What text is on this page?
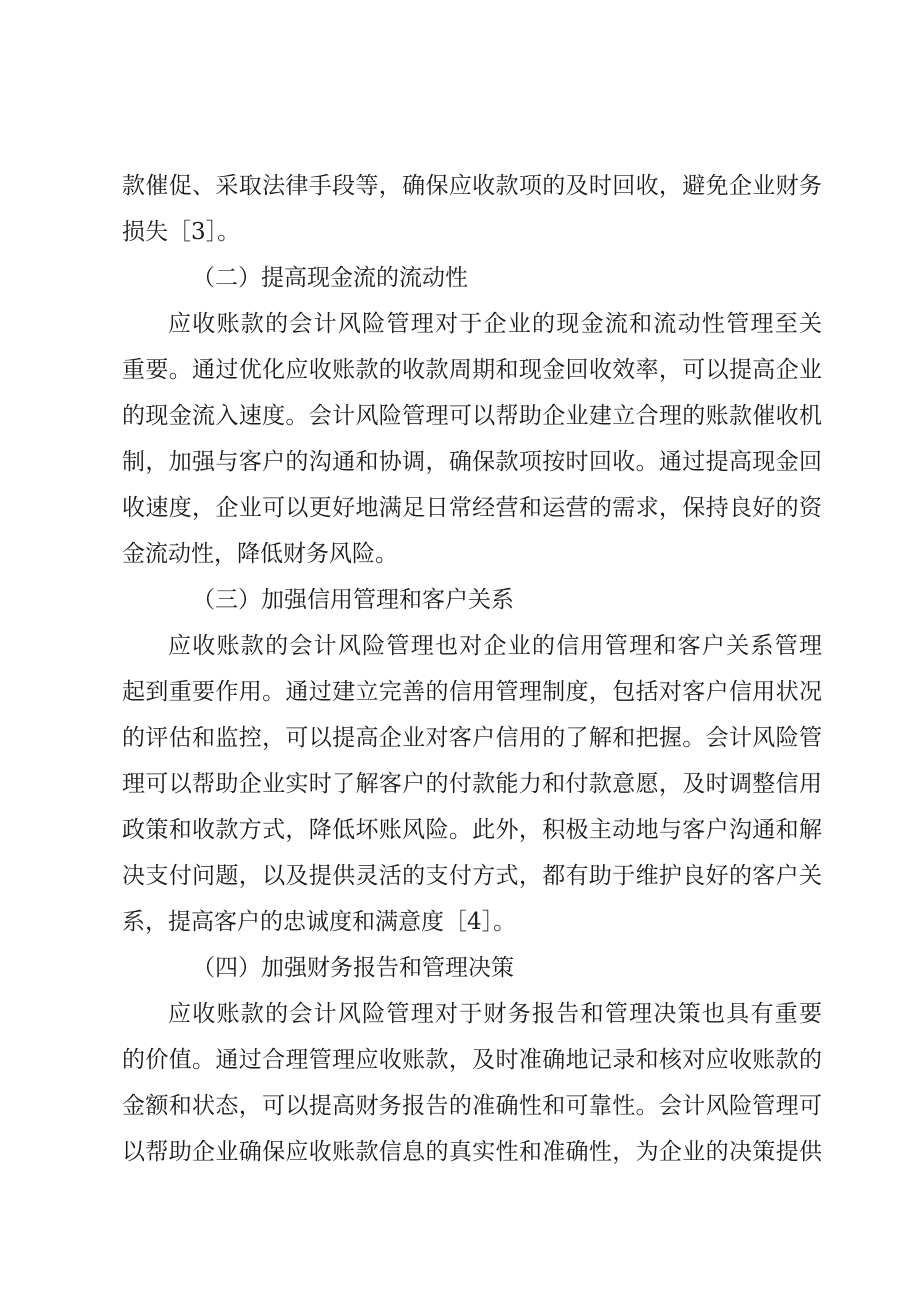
款催促、采取法律手段等，确保应收款项的及时回收，避免企业财务
损失［3］。
（二）提高现金流的流动性
应收账款的会计风险管理对于企业的现金流和流动性管理至关
重要。通过优化应收账款的收款周期和现金回收效率，可以提高企业
的现金流入速度。会计风险管理可以帮助企业建立合理的账款催收机
制，加强与客户的沟通和协调，确保款项按时回收。通过提高现金回
收速度，企业可以更好地满足日常经营和运营的需求，保持良好的资
金流动性，降低财务风险。
（三）加强信用管理和客户关系
应收账款的会计风险管理也对企业的信用管理和客户关系管理
起到重要作用。通过建立完善的信用管理制度，包括对客户信用状况
的评估和监控，可以提高企业对客户信用的了解和把握。会计风险管
理可以帮助企业实时了解客户的付款能力和付款意愿，及时调整信用
政策和收款方式，降低坏账风险。此外，积极主动地与客户沟通和解
决支付问题，以及提供灵活的支付方式，都有助于维护良好的客户关
系，提高客户的忠诚度和满意度［4］。
（四）加强财务报告和管理决策
应收账款的会计风险管理对于财务报告和管理决策也具有重要
的价值。通过合理管理应收账款，及时准确地记录和核对应收账款的
金额和状态，可以提高财务报告的准确性和可靠性。会计风险管理可
以帮助企业确保应收账款信息的真实性和准确性，为企业的决策提供
